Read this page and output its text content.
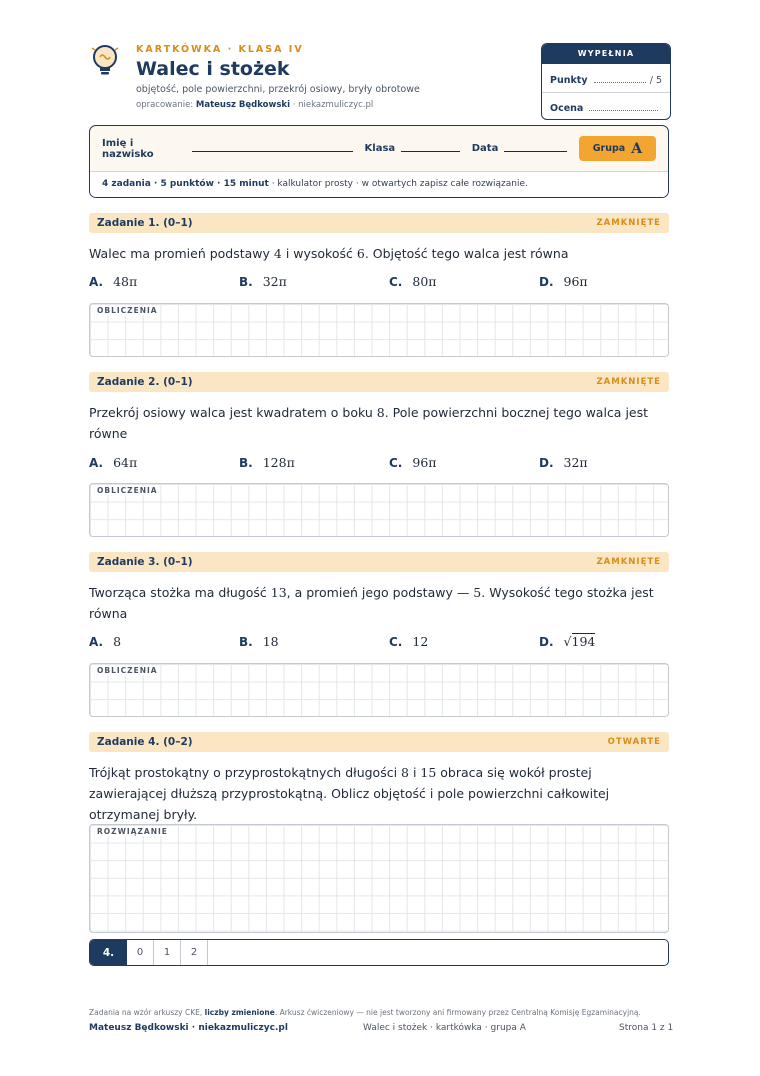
KARTKÓWKA · KLASA IV
Walec i stożek
objętość, pole powierzchni, przekrój osiowy, bryły obrotowe
opracowanie: Mateusz Będkowski · niekazmuliczyc.pl
WYPEŁNIA NAUCZYCIEL
Punkty	/ 5
Ocena
Imię i nazwisko	Klasa	Data	Grupa A
4 zadania · 5 punktów · 15 minut · kalkulator prosty · w otwartych zapisz całe rozwiązanie.
Zadanie 1. (0–1)	ZAMKNIĘTE
Walec ma promień podstawy 4 i wysokość 6. Objętość tego walca jest równa
A. 48π	B. 32π	C. 80π	D. 96π
OBLICZENIA
Zadanie 2. (0–1)	ZAMKNIĘTE
Przekrój osiowy walca jest kwadratem o boku 8. Pole powierzchni bocznej tego walca jest równe
A. 64π	B. 128π	C. 96π	D. 32π
OBLICZENIA
Zadanie 3. (0–1)	ZAMKNIĘTE
Tworząca stożka ma długość 13, a promień jego podstawy — 5. Wysokość tego stożka jest równa
A. 8	B. 18	C. 12	D. √194
OBLICZENIA
Zadanie 4. (0–2)	OTWARTE
Trójkąt prostokątny o przyprostokątnych długości 8 i 15 obraca się wokół prostej zawierającej dłuższą przyprostokątną. Oblicz objętość i pole powierzchni całkowitej otrzymanej bryły.
ROZWIĄZANIE
4.	0	1	2
Zadania na wzór arkuszy CKE, liczby zmienione. Arkusz ćwiczeniowy — nie jest tworzony ani firmowany przez Centralną Komisję Egzaminacyjną.
Mateusz Będkowski · niekazmuliczyc.pl	Walec i stożek · kartkówka · grupa A	Strona 1 z 1
